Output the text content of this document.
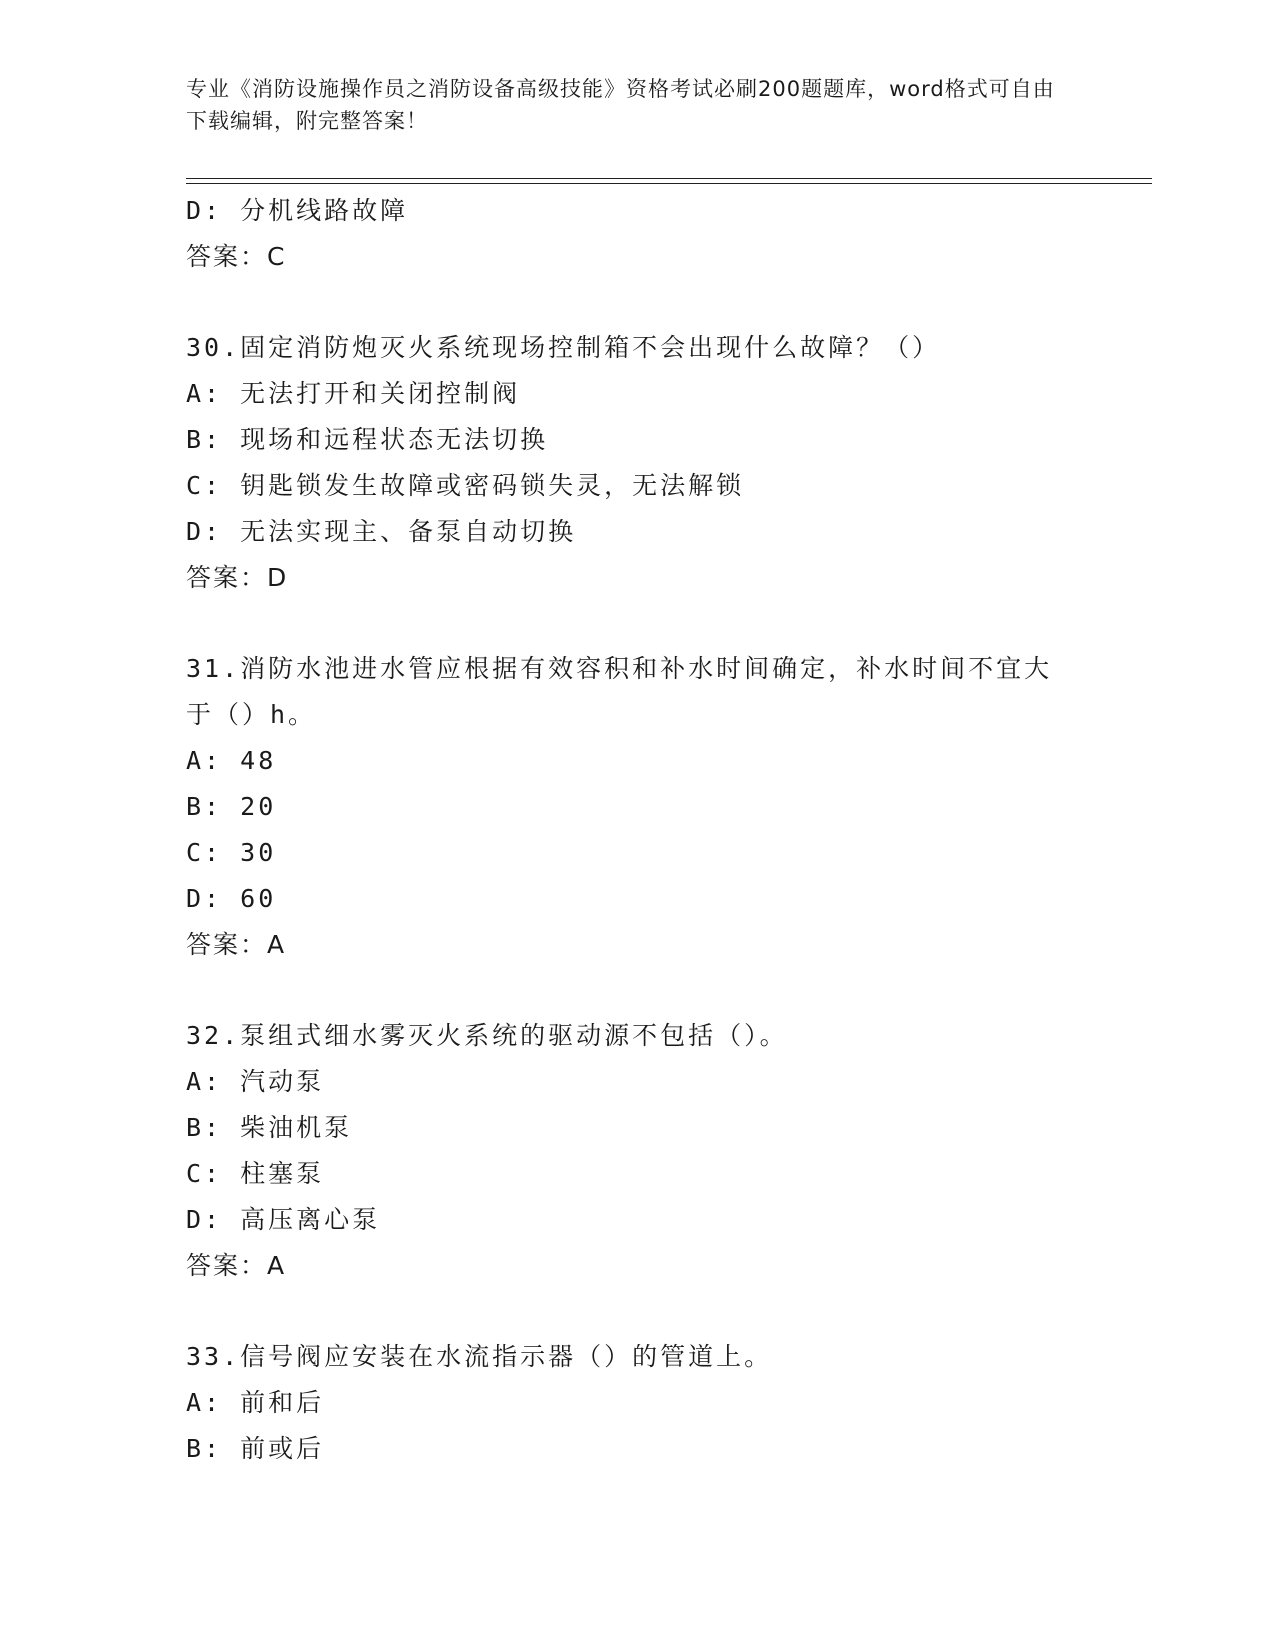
专业《消防设施操作员之消防设备高级技能》资格考试必刷200题题库，word格式可自由下载编辑，附完整答案！
D: 分机线路故障
答案：C
30.固定消防炮灭火系统现场控制箱不会出现什么故障？（）
A: 无法打开和关闭控制阀
B: 现场和远程状态无法切换
C: 钥匙锁发生故障或密码锁失灵，无法解锁
D: 无法实现主、备泵自动切换
答案：D
31.消防水池进水管应根据有效容积和补水时间确定，补水时间不宜大
于（）h。
A: 48
B: 20
C: 30
D: 60
答案：A
32.泵组式细水雾灭火系统的驱动源不包括（）。
A: 汽动泵
B: 柴油机泵
C: 柱塞泵
D: 高压离心泵
答案：A
33.信号阀应安装在水流指示器（）的管道上。
A: 前和后
B: 前或后
